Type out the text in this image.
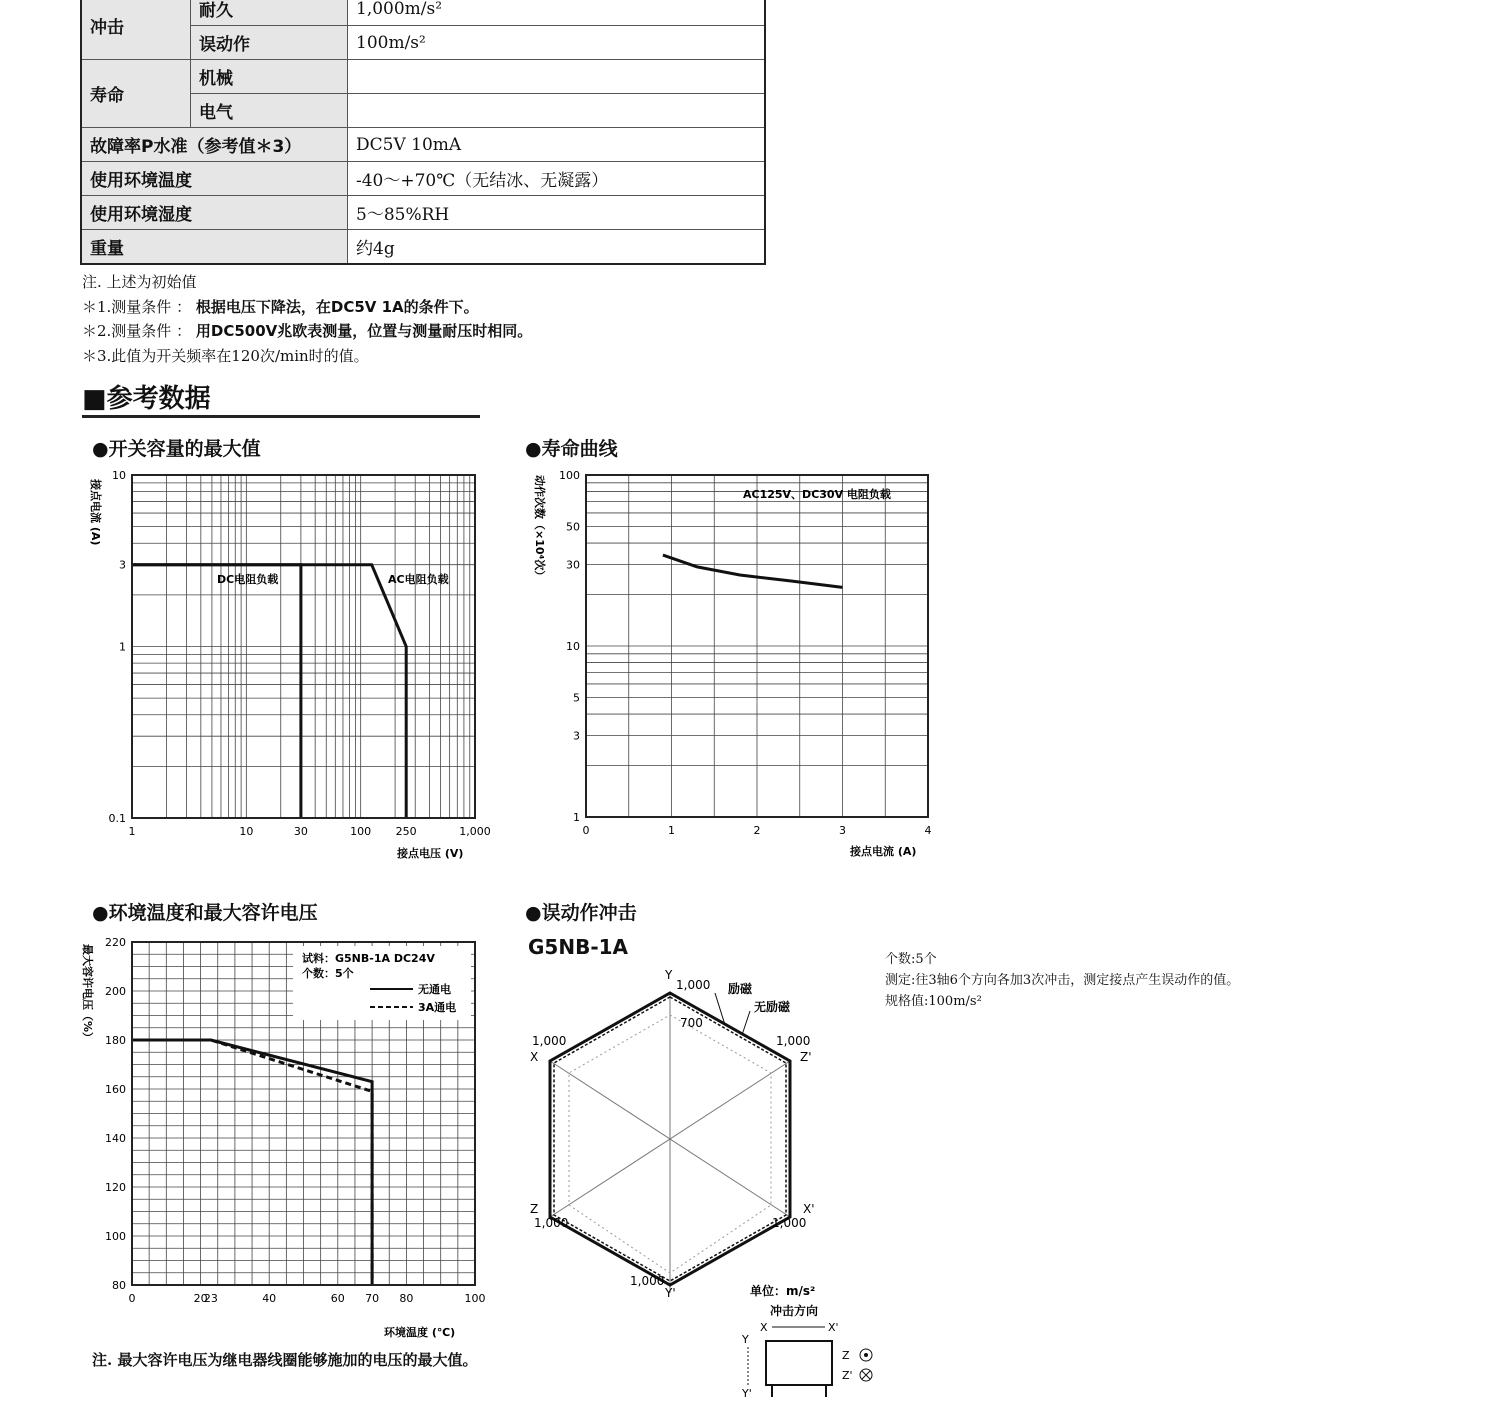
冲击	耐久	1,000m/s²
	误动作	100m/s²
寿命	机械	
	电气	
故障率P水准（参考值＊3）		DC5V 10mA
使用环境温度		-40～+70℃（无结冰、无凝露）
使用环境湿度		5～85%RH
重量		约4g
注. 上述为初始值
＊1.测量条件 ： 根据电压下降法，在DC5V 1A的条件下。
＊2.测量条件 ： 用DC500V兆欧表测量，位置与测量耐压时相同。
＊3.此值为开关频率在120次/min时的值。
■参考数据
●开关容量的最大值	●寿命曲线
●环境温度和最大容许电压	●误动作冲击
1	10	30	100 250	1,000
10
3
1
0.1
DC电阻负载	AC电阻负载
接点电压 (V)
接点电流 (A)
0	1	2	3	4
100
50
30
10
5
3
1
AC125V、DC30V 电阻负载
接点电流 (A)
动作次数（×10⁴次）
0	20
23	40	60 70 80	100
220
200
180
160
140
120
100
80
试料：G5NB-1A DC24V
个数：5个
无通电
3A通电
环境温度 (℃)
最大容许电压（%）
注. 最大容许电压为继电器线圈能够施加的电压的最大值。
G5NB-1A
Y
X	Z'
Z	X'
Y'
1,000
700
1,000	1,000
1,000	1,000
1,000
励磁
无励磁
单位：m/s²
冲击方向
X	X'
Y
Y'
Z
Z'
个数:5个
测定:往3轴6个方向各加3次冲击，测定接点产生误动作的值。
规格值:100m/s²
